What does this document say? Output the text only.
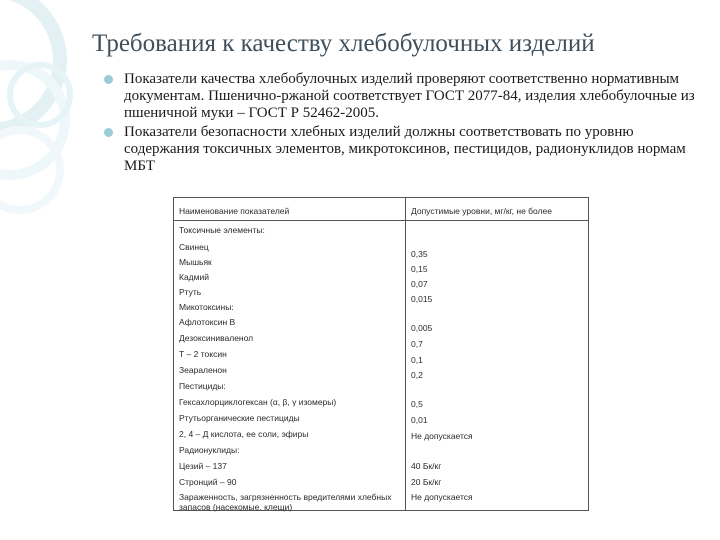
Требования к качеству хлебобулочных изделий
Показатели качества хлебобулочных изделий проверяют соответственно нормативным документам. Пшенично-ржаной соответствует ГОСТ 2077-84, изделия хлебобулочные из пшеничной муки – ГОСТ Р 52462-2005.
Показатели безопасности хлебных изделий должны соответствовать по уровню содержания токсичных элементов, микротоксинов, пестицидов, радионуклидов нормам МБТ
Наименование показателей	Допустимые уровни, мг/кг, не более
Токсичные элементы:
Свинец
Мышьяк
Кадмий
Ртуть
Микотоксины:
Афлотоксин В
Дезоксиниваленол
Т – 2 токсин
Зеараленон
Пестициды:
Гексахлорциклогексан (α, β, γ изомеры)
Ртутьорганические пестициды
2, 4 – Д кислота, ее соли, эфиры
Радионуклиды:
Цезий – 137
Стронций – 90
Зараженность, загрязненность вредителями хлебных
запасов (насекомые, клещи)
0,35
0,15
0,07
0,015
0,005
0,7
0,1
0,2
0,5
0,01
Не допускается
40 Бк/кг
20 Бк/кг
Не допускается
